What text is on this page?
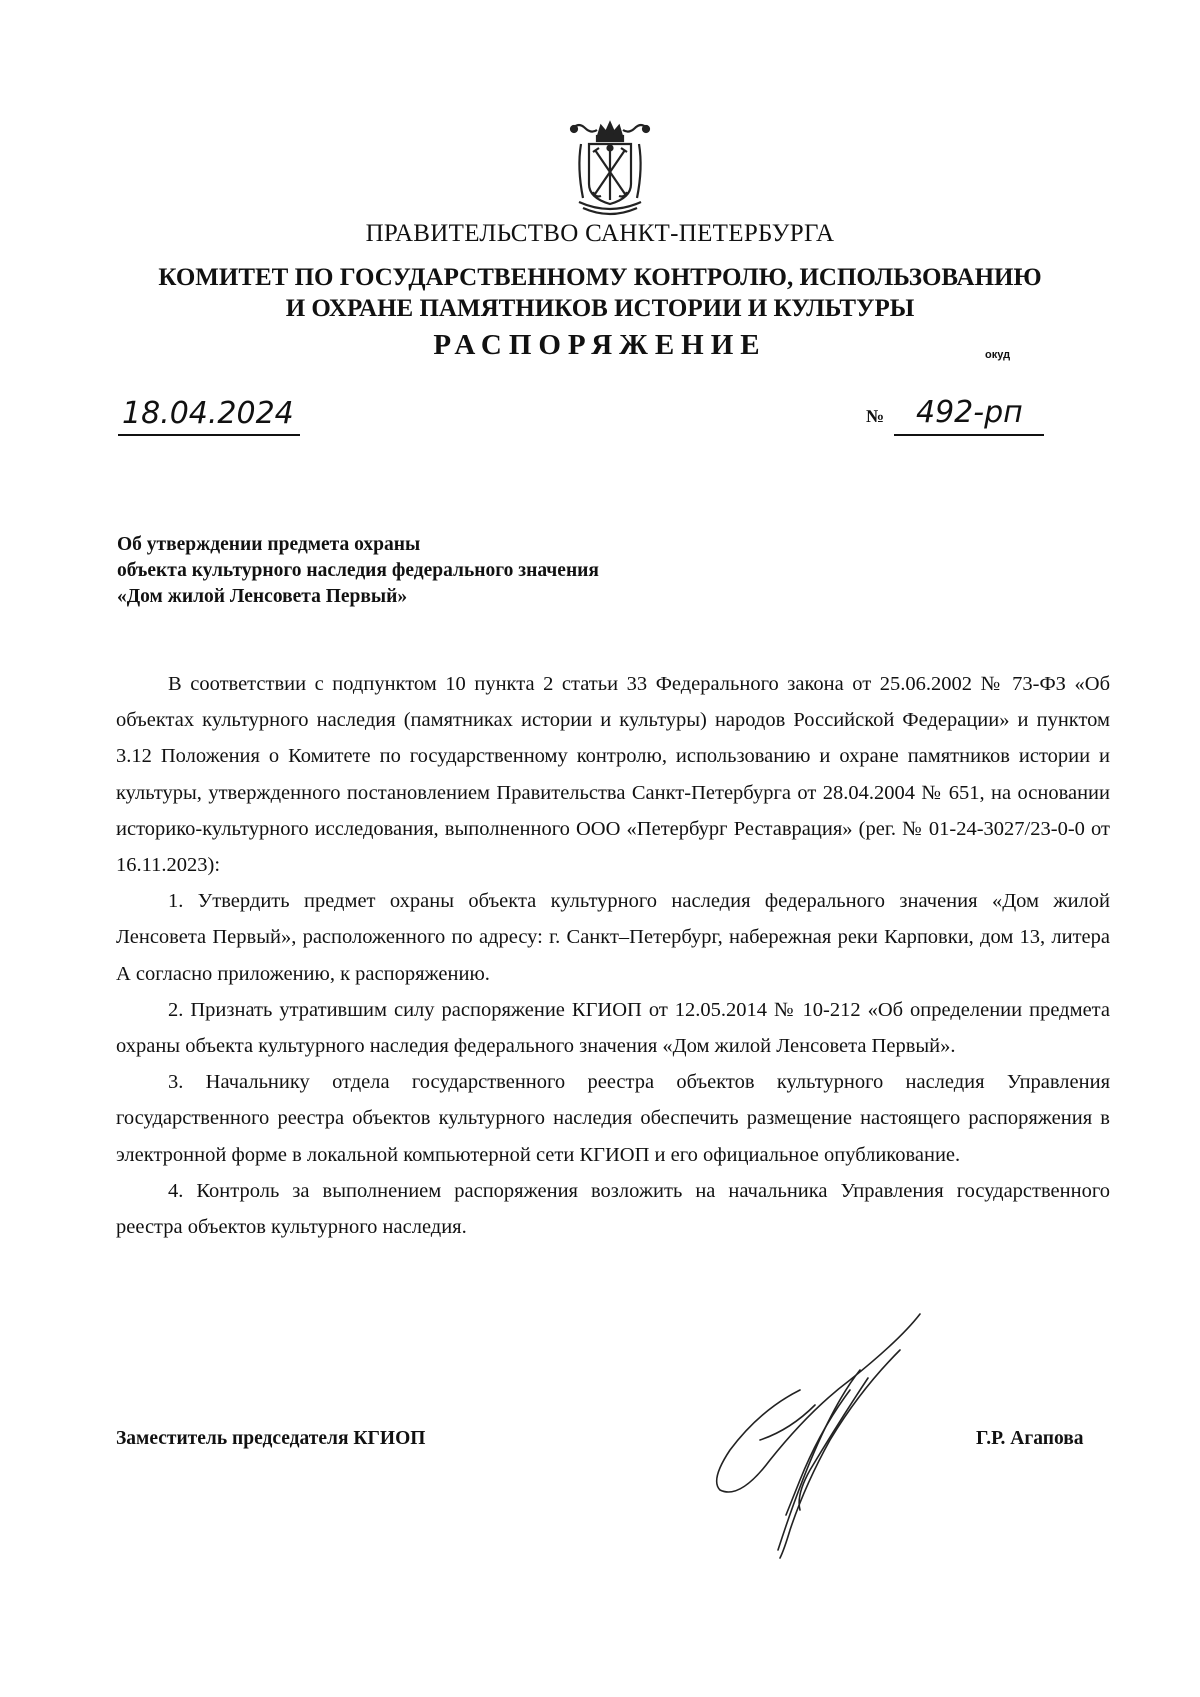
ПРАВИТЕЛЬСТВО САНКТ-ПЕТЕРБУРГА
КОМИТЕТ ПО ГОСУДАРСТВЕННОМУ КОНТРОЛЮ, ИСПОЛЬЗОВАНИЮ
И ОХРАНЕ ПАМЯТНИКОВ ИСТОРИИ И КУЛЬТУРЫ
РАСПОРЯЖЕНИЕ	окуд
18.04.2024	№	492-рп
Об утверждении предмета охраны
объекта культурного наследия федерального значения
«Дом жилой Ленсовета Первый»

В соответствии с подпунктом 10 пункта 2 статьи 33 Федерального закона от 25.06.2002 № 73-ФЗ «Об объектах культурного наследия (памятниках истории и культуры) народов Российской Федерации» и пунктом 3.12 Положения о Комитете по государственному контролю, использованию и охране памятников истории и культуры, утвержденного постановлением Правительства Санкт-Петербурга от 28.04.2004 № 651, на основании историко-культурного исследования, выполненного ООО «Петербург Реставрация» (рег. № 01-24-3027/23-0-0 от 16.11.2023):

1. Утвердить предмет охраны объекта культурного наследия федерального значения «Дом жилой Ленсовета Первый», расположенного по адресу: г. Санкт–Петербург, набережная реки Карповки, дом 13, литера А согласно приложению, к распоряжению.

2. Признать утратившим силу распоряжение КГИОП от 12.05.2014 № 10-212 «Об определении предмета охраны объекта культурного наследия федерального значения «Дом жилой Ленсовета Первый».

3. Начальнику отдела государственного реестра объектов культурного наследия Управления государственного реестра объектов культурного наследия обеспечить размещение настоящего распоряжения в электронной форме в локальной компьютерной сети КГИОП и его официальное опубликование.

4. Контроль за выполнением распоряжения возложить на начальника Управления государственного реестра объектов культурного наследия.

Заместитель председателя КГИОП	Г.Р. Агапова
